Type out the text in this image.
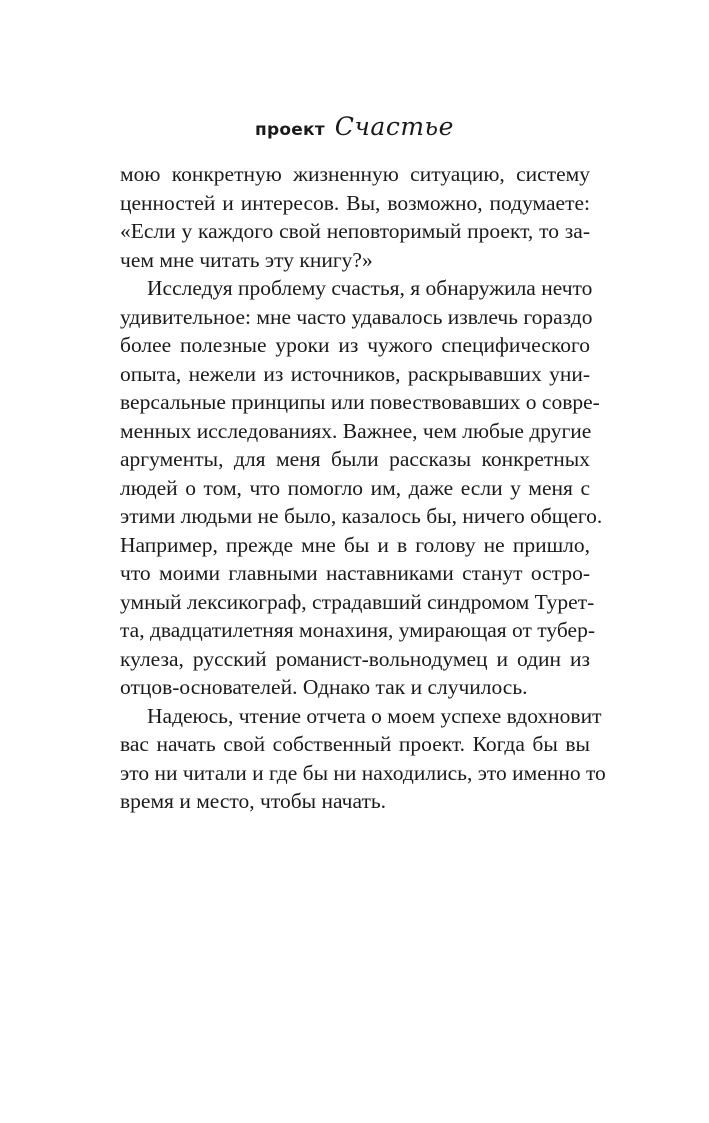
проект Счастье
мою конкретную жизненную ситуацию, систему
ценностей и интересов. Вы, возможно, подумаете:
«Если у каждого свой неповторимый проект, то за-
чем мне читать эту книгу?»
Исследуя проблему счастья, я обнаружила нечто
удивительное: мне часто удавалось извлечь гораздо
более полезные уроки из чужого специфического
опыта, нежели из источников, раскрывавших уни-
версальные принципы или повествовавших о совре-
менных исследованиях. Важнее, чем любые другие
аргументы, для меня были рассказы конкретных
людей о том, что помогло им, даже если у меня с
этими людьми не было, казалось бы, ничего общего.
Например, прежде мне бы и в голову не пришло,
что моими главными наставниками станут остро-
умный лексикограф, страдавший синдромом Турет-
та, двадцатилетняя монахиня, умирающая от тубер-
кулеза, русский романист-вольнодумец и один из
отцов-основателей. Однако так и случилось.
Надеюсь, чтение отчета о моем успехе вдохновит
вас начать свой собственный проект. Когда бы вы
это ни читали и где бы ни находились, это именно то
время и место, чтобы начать.
